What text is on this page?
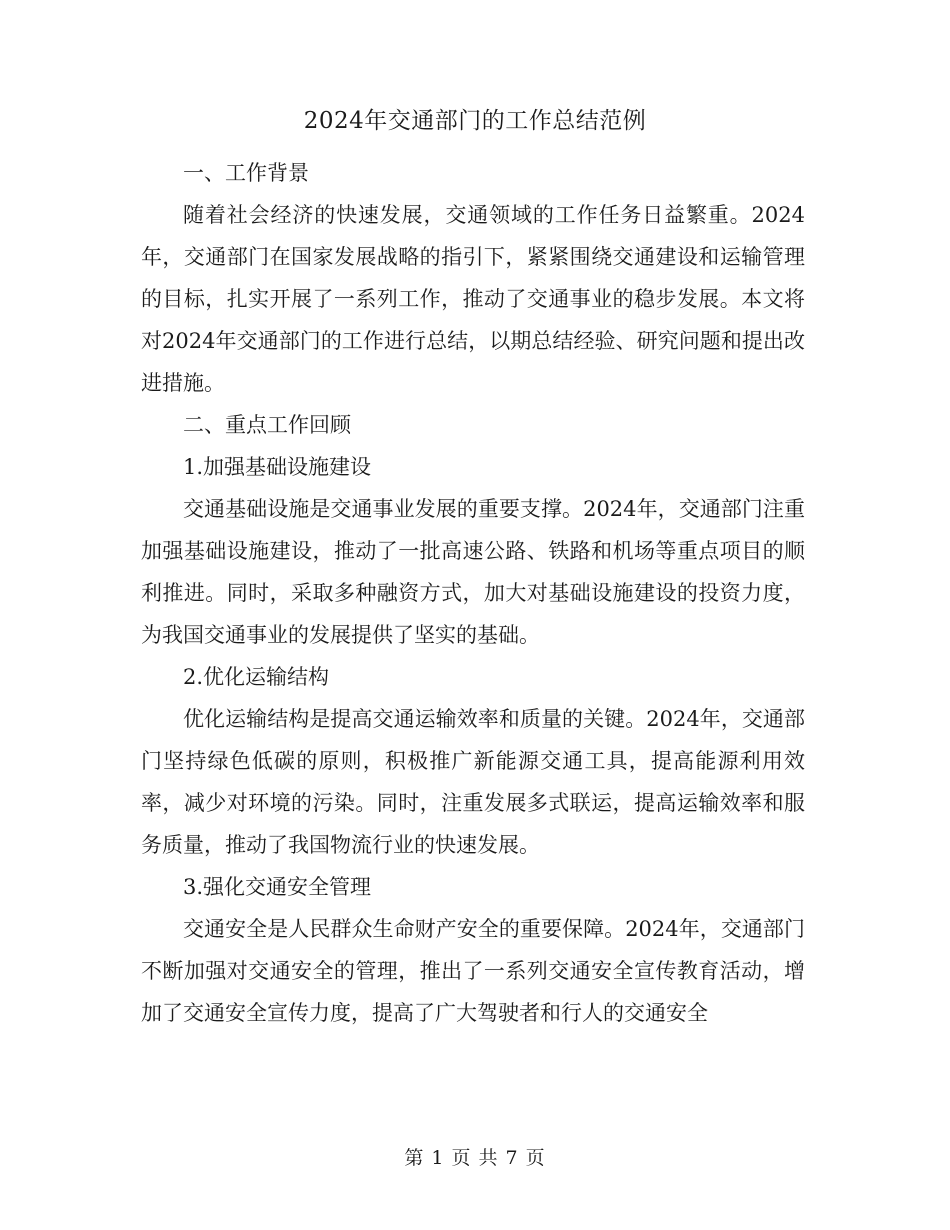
2024年交通部门的工作总结范例

一、工作背景

随着社会经济的快速发展，交通领域的工作任务日益繁重。2024年，交通部门在国家发展战略的指引下，紧紧围绕交通建设和运输管理的目标，扎实开展了一系列工作，推动了交通事业的稳步发展。本文将对2024年交通部门的工作进行总结，以期总结经验、研究问题和提出改进措施。

二、重点工作回顾

1.加强基础设施建设

交通基础设施是交通事业发展的重要支撑。2024年，交通部门注重加强基础设施建设，推动了一批高速公路、铁路和机场等重点项目的顺利推进。同时，采取多种融资方式，加大对基础设施建设的投资力度，为我国交通事业的发展提供了坚实的基础。

2.优化运输结构

优化运输结构是提高交通运输效率和质量的关键。2024年，交通部门坚持绿色低碳的原则，积极推广新能源交通工具，提高能源利用效率，减少对环境的污染。同时，注重发展多式联运，提高运输效率和服务质量，推动了我国物流行业的快速发展。

3.强化交通安全管理

交通安全是人民群众生命财产安全的重要保障。2024年，交通部门不断加强对交通安全的管理，推出了一系列交通安全宣传教育活动，增加了交通安全宣传力度，提高了广大驾驶者和行人的交通安全

第 1 页 共 7 页
